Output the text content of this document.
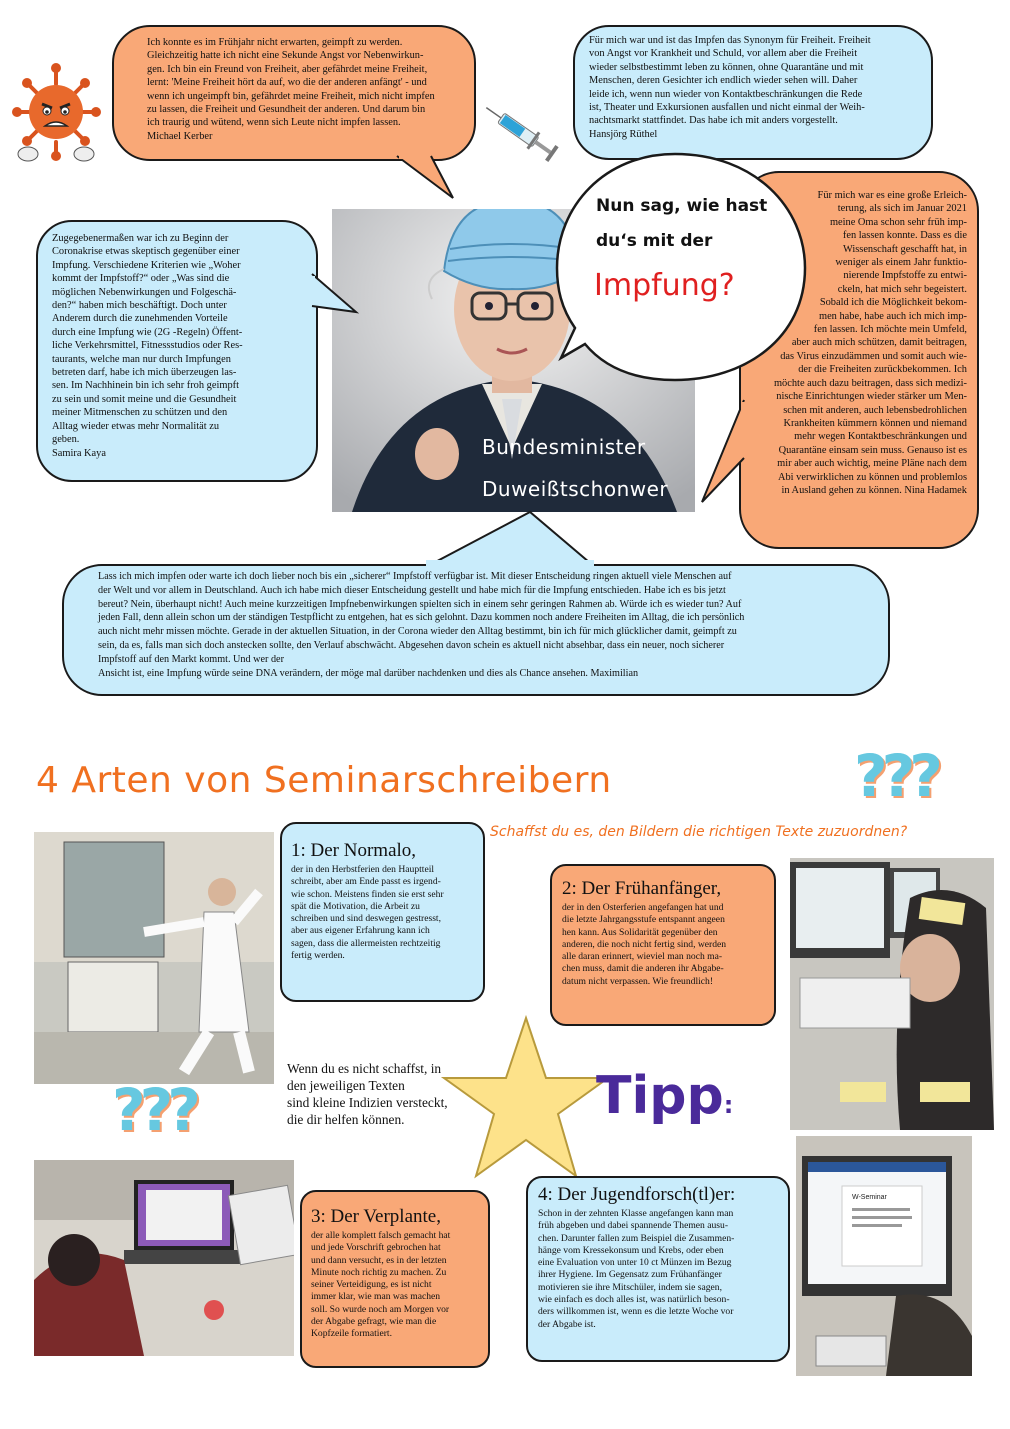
Ich konnte es im Frühjahr nicht erwarten, geimpft zu werden.
Gleichzeitig hatte ich nicht eine Sekunde Angst vor Nebenwirkun-
gen. Ich bin ein Freund von Freiheit, aber gefährdet meine Freiheit,
lernt: 'Meine Freiheit hört da auf, wo die der anderen anfängt' - und
wenn ich ungeimpft bin, gefährdet meine Freiheit, mich nicht impfen
zu lassen, die Freiheit und Gesundheit der anderen. Und darum bin
ich traurig und wütend, wenn sich Leute nicht impfen lassen.
Michael Kerber
Für mich war und ist das Impfen das Synonym für Freiheit. Freiheit
von Angst vor Krankheit und Schuld, vor allem aber die Freiheit
wieder selbstbestimmt leben zu können, ohne Quarantäne und mit
Menschen, deren Gesichter ich endlich wieder sehen will. Daher
leide ich, wenn nun wieder von Kontaktbeschränkungen die Rede
ist, Theater und Exkursionen ausfallen und nicht einmal der Weih-
nachtsmarkt stattfindet. Das habe ich mit anders vorgestellt.
Hansjörg Rüthel
Bundesminister
Duweißtschonwer
Zugegebenermaßen war ich zu Beginn der
Coronakrise etwas skeptisch gegenüber einer
Impfung. Verschiedene Kriterien wie „Woher
kommt der Impfstoff?“ oder „Was sind die
möglichen Nebenwirkungen und Folgeschä-
den?“ haben mich beschäftigt. Doch unter
Anderem durch die zunehmenden Vorteile
durch eine Impfung wie (2G -Regeln) Öffent-
liche Verkehrsmittel, Fitnessstudios oder Res-
taurants, welche man nur durch Impfungen
betreten darf, habe ich mich überzeugen las-
sen. Im Nachhinein bin ich sehr froh geimpft
zu sein und somit meine und die Gesundheit
meiner Mitmenschen zu schützen und den
Alltag wieder etwas mehr Normalität zu
geben.
Samira Kaya
Für mich war es eine große Erleich-
terung, als sich im Januar 2021
meine Oma schon sehr früh imp-
fen lassen konnte. Dass es die
Wissenschaft geschafft hat, in
weniger als einem Jahr funktio-
nierende Impfstoffe zu entwi-
ckeln, hat mich sehr begeistert.
Sobald ich die Möglichkeit bekom-
men habe, habe auch ich mich imp-
fen lassen. Ich möchte mein Umfeld,
aber auch mich schützen, damit beitragen,
das Virus einzudämmen und somit auch wie-
der die Freiheiten zurückbekommen. Ich
möchte auch dazu beitragen, dass sich medizi-
nische Einrichtungen wieder stärker um Men-
schen mit anderen, auch lebensbedrohlichen
Krankheiten kümmern können und niemand
mehr wegen Kontaktbeschränkungen und
Quarantäne einsam sein muss. Genauso ist es
mir aber auch wichtig, meine Pläne nach dem
Abi verwirklichen zu können und problemlos
in Ausland gehen zu können. Nina Hadamek
Nun sag, wie hast
du‘s mit der
Impfung?
Lass ich mich impfen oder warte ich doch lieber noch bis ein „sicherer“ Impfstoff verfügbar ist. Mit dieser Entscheidung ringen aktuell viele Menschen auf
der Welt und vor allem in Deutschland. Auch ich habe mich dieser Entscheidung gestellt und habe mich für die Impfung entschieden. Habe ich es bis jetzt
bereut? Nein, überhaupt nicht! Auch meine kurzzeitigen Impfnebenwirkungen spielten sich in einem sehr geringen Rahmen ab. Würde ich es wieder tun? Auf
jeden Fall, denn allein schon um der ständigen Testpflicht zu entgehen, hat es sich gelohnt. Dazu kommen noch andere Freiheiten im Alltag, die ich persönlich
auch nicht mehr missen möchte. Gerade in der aktuellen Situation, in der Corona wieder den Alltag bestimmt, bin ich für mich glücklicher damit, geimpft zu
sein, da es, falls man sich doch anstecken sollte, den Verlauf abschwächt. Abgesehen davon schein es aktuell nicht absehbar, dass ein neuer, noch sicherer
Impfstoff auf den Markt kommt. Und wer der
Ansicht ist, eine Impfung würde seine DNA verändern, der möge mal darüber nachdenken und dies als Chance ansehen. Maximilian
4 Arten von Seminarschreibern	???
Schaffst du es, den Bildern die richtigen Texte zuzuordnen?
1: Der Normalo,
der in den Herbstferien den Hauptteil
schreibt, aber am Ende passt es irgend-
wie schon. Meistens finden sie erst sehr
spät die Motivation, die Arbeit zu
schreiben und sind deswegen gestresst,
aber aus eigener Erfahrung kann ich
sagen, dass die allermeisten rechtzeitig
fertig werden.
2: Der Frühanfänger,
der in den Osterferien angefangen hat und
die letzte Jahrgangsstufe entspannt angeen
hen kann. Aus Solidarität gegenüber den
anderen, die noch nicht fertig sind, werden
alle daran erinnert, wieviel man noch ma-
chen muss, damit die anderen ihr Abgabe-
datum nicht verpassen. Wie freundlich!
Wenn du es nicht schaffst, in
den jeweiligen Texten
sind kleine Indizien versteckt,
die dir helfen können.	Tipp:
???
3: Der Verplante,
der alle komplett falsch gemacht hat
und jede Vorschrift gebrochen hat
und dann versucht, es in der letzten
Minute noch richtig zu machen. Zu
seiner Verteidigung, es ist nicht
immer klar, wie man was machen
soll. So wurde noch am Morgen vor
der Abgabe gefragt, wie man die
Kopfzeile formatiert.
4: Der Jugendforsch(tl)er:
Schon in der zehnten Klasse angefangen kann man
früh abgeben und dabei spannende Themen ausu-
chen. Darunter fallen zum Beispiel die Zusammen-
hänge vom Kressekonsum und Krebs, oder eben
eine Evaluation von unter 10 ct Münzen im Bezug
ihrer Hygiene. Im Gegensatz zum Frühanfänger
motivieren sie ihre Mitschüler, indem sie sagen,
wie einfach es doch alles ist, was natürlich beson-
ders willkommen ist, wenn es die letzte Woche vor
der Abgabe ist.
W-Seminar
